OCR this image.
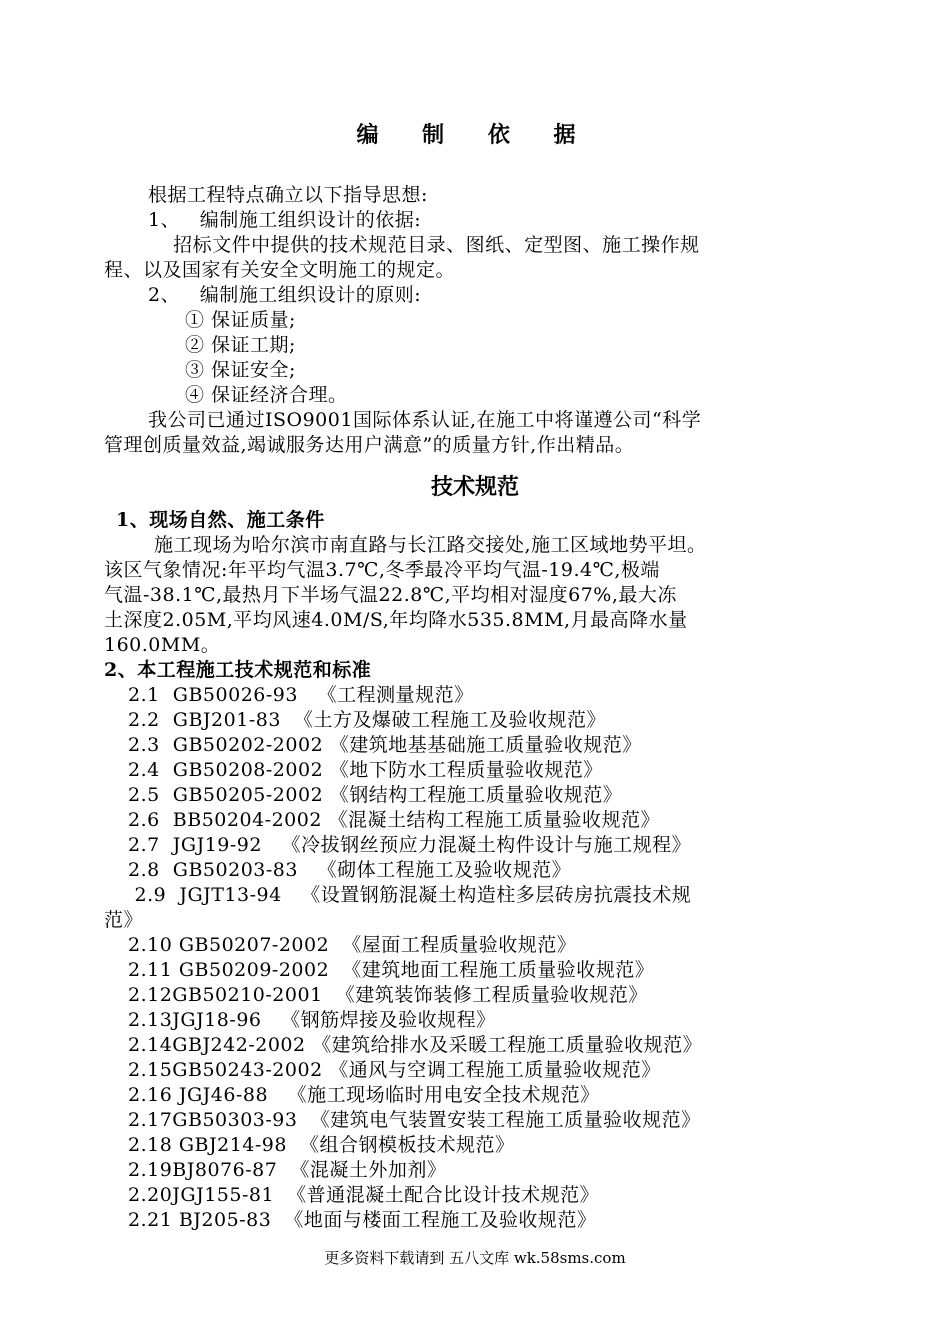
编 制 依 据
根据工程特点确立以下指导思想:
1、   编制施工组织设计的依据:
招标文件中提供的技术规范目录、图纸、定型图、施工操作规
程、以及国家有关安全文明施工的规定。
2、   编制施工组织设计的原则:
① 保证质量;
② 保证工期;
③ 保证安全;
④ 保证经济合理。
我公司已通过ISO9001国际体系认证,在施工中将谨遵公司“科学
管理创质量效益,竭诚服务达用户满意”的质量方针,作出精品。
技术规范
1、现场自然、施工条件
施工现场为哈尔滨市南直路与长江路交接处,施工区域地势平坦。
该区气象情况:年平均气温3.7℃,冬季最冷平均气温-19.4℃,极端
气温-38.1℃,最热月下半场气温22.8℃,平均相对湿度67%,最大冻
土深度2.05M,平均风速4.0M/S,年均降水535.8MM,月最高降水量
160.0MM。
2、本工程施工技术规范和标准
2.1  GB50026-93   《工程测量规范》
2.2  GBJ201-83  《土方及爆破工程施工及验收规范》
2.3  GB50202-2002 《建筑地基基础施工质量验收规范》
2.4  GB50208-2002 《地下防水工程质量验收规范》
2.5  GB50205-2002 《钢结构工程施工质量验收规范》
2.6  BB50204-2002 《混凝土结构工程施工质量验收规范》
2.7  JGJ19-92   《冷拔钢丝预应力混凝土构件设计与施工规程》
2.8  GB50203-83   《砌体工程施工及验收规范》
2.9  JGJT13-94   《设置钢筋混凝土构造柱多层砖房抗震技术规
范》
2.10 GB50207-2002  《屋面工程质量验收规范》
2.11 GB50209-2002  《建筑地面工程施工质量验收规范》
2.12GB50210-2001  《建筑装饰装修工程质量验收规范》
2.13JGJ18-96   《钢筋焊接及验收规程》
2.14GBJ242-2002 《建筑给排水及采暖工程施工质量验收规范》
2.15GB50243-2002 《通风与空调工程施工质量验收规范》
2.16 JGJ46-88   《施工现场临时用电安全技术规范》
2.17GB50303-93  《建筑电气装置安装工程施工质量验收规范》
2.18 GBJ214-98  《组合钢模板技术规范》
2.19BJ8076-87  《混凝土外加剂》
2.20JGJ155-81  《普通混凝土配合比设计技术规范》
2.21 BJ205-83  《地面与楼面工程施工及验收规范》
更多资料下载请到 五八文库 wk.58sms.com
